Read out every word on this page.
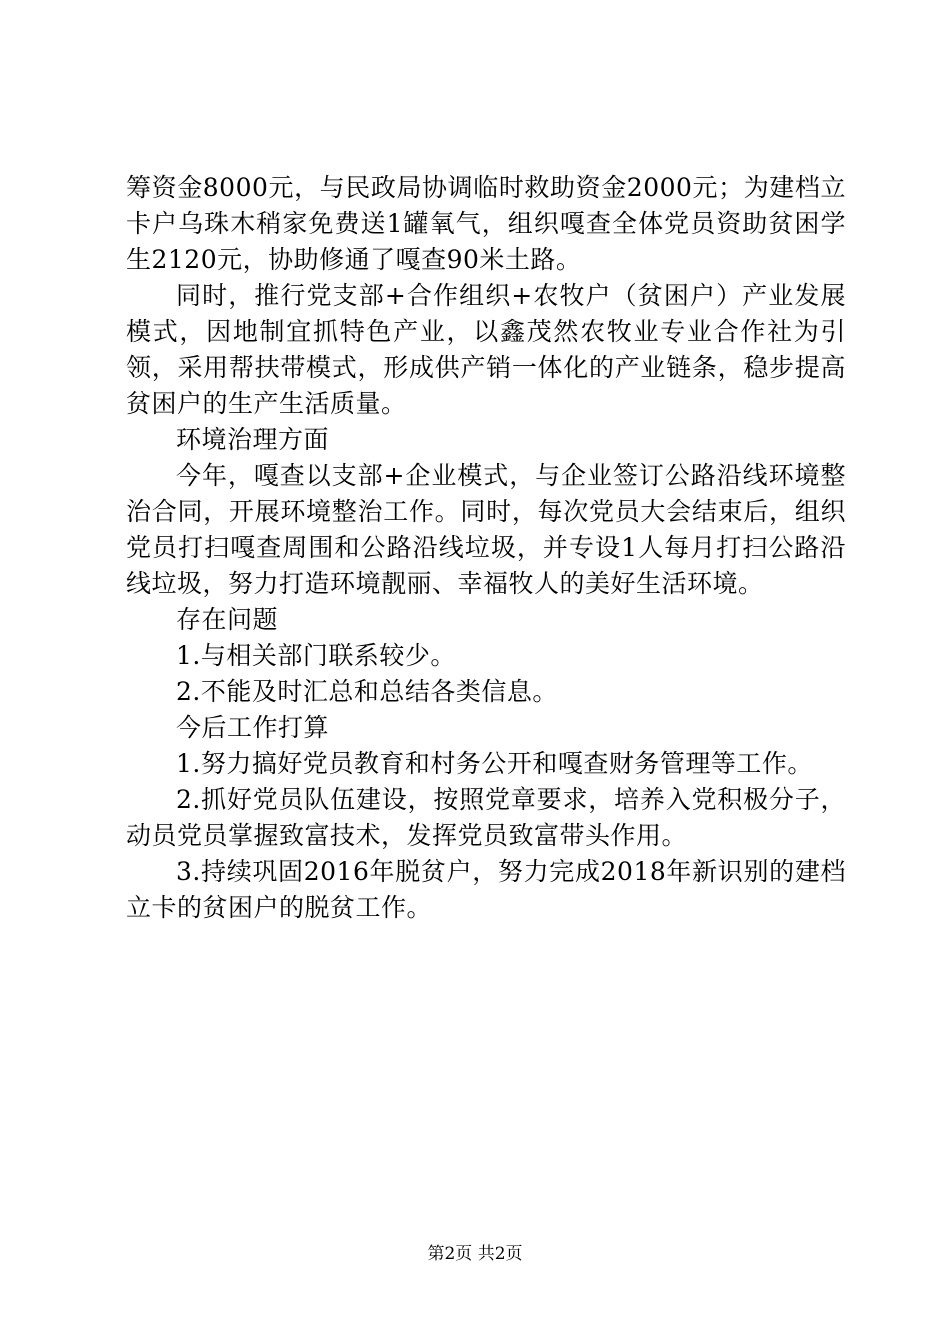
筹资金8000元，与民政局协调临时救助资金2000元；为建档立卡户乌珠木稍家免费送1罐氧气，组织嘎查全体党员资助贫困学生2120元，协助修通了嘎查90米土路。

同时，推行党支部+合作组织+农牧户（贫困户）产业发展模式，因地制宜抓特色产业，以鑫茂然农牧业专业合作社为引领，采用帮扶带模式，形成供产销一体化的产业链条，稳步提高贫困户的生产生活质量。

环境治理方面

今年，嘎查以支部+企业模式，与企业签订公路沿线环境整治合同，开展环境整治工作。同时，每次党员大会结束后，组织党员打扫嘎查周围和公路沿线垃圾，并专设1人每月打扫公路沿线垃圾，努力打造环境靓丽、幸福牧人的美好生活环境。

存在问题

1.与相关部门联系较少。

2.不能及时汇总和总结各类信息。

今后工作打算

1.努力搞好党员教育和村务公开和嘎查财务管理等工作。

2.抓好党员队伍建设，按照党章要求，培养入党积极分子，动员党员掌握致富技术，发挥党员致富带头作用。

3.持续巩固2016年脱贫户，努力完成2018年新识别的建档立卡的贫困户的脱贫工作。

第2页 共2页
